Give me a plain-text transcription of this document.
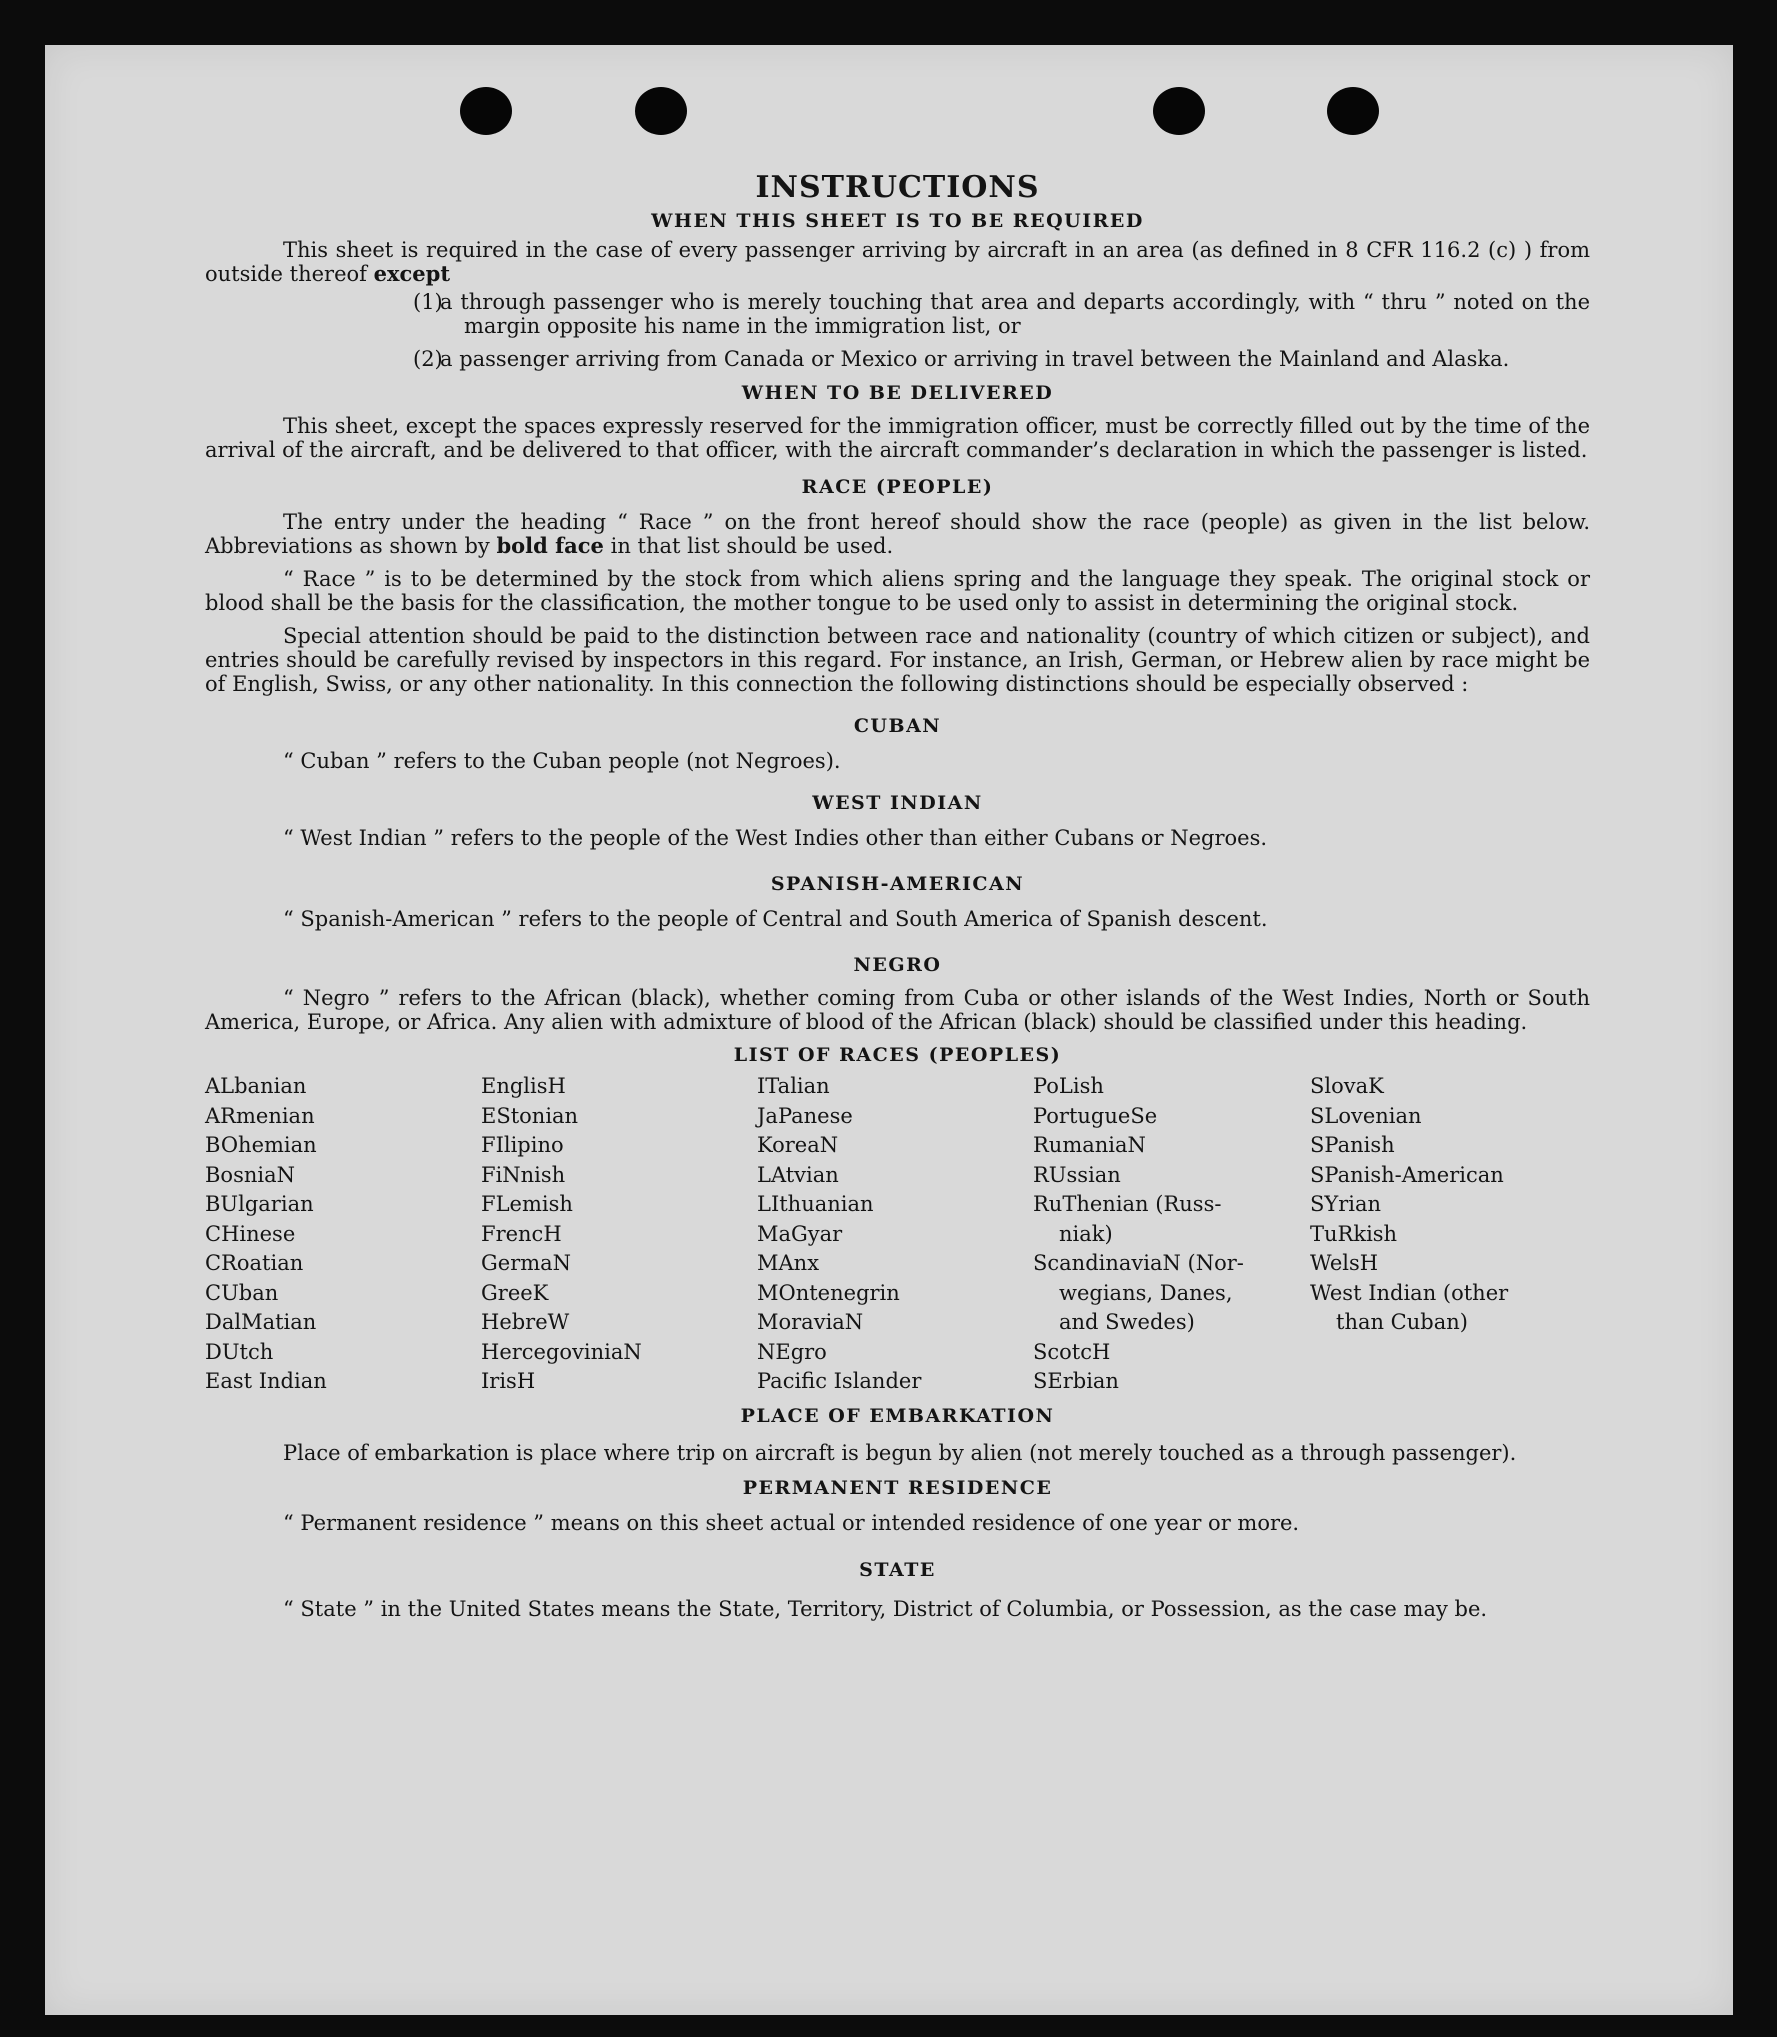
INSTRUCTIONS
WHEN THIS SHEET IS TO BE REQUIRED

This sheet is required in the case of every passenger arriving by aircraft in an area (as defined in 8 CFR 116.2 (c) ) from outside thereof except

(1)
a through passenger who is merely touching that area and departs accordingly, with “ thru ” noted on the margin opposite his name in the immigration list, or
(2)
a passenger arriving from Canada or Mexico or arriving in travel between the Mainland and Alaska.
WHEN TO BE DELIVERED

This sheet, except the spaces expressly reserved for the immigration officer, must be correctly filled out by the time of the arrival of the aircraft, and be delivered to that officer, with the aircraft commander’s declaration in which the passenger is listed.

RACE (PEOPLE)

The entry under the heading “ Race ” on the front hereof should show the race (people) as given in the list below. Abbreviations as shown by bold face in that list should be used.

“ Race ” is to be determined by the stock from which aliens spring and the language they speak. The original stock or blood shall be the basis for the classification, the mother tongue to be used only to assist in determining the original stock.

Special attention should be paid to the distinction between race and nationality (country of which citizen or subject), and entries should be carefully revised by inspectors in this regard. For instance, an Irish, German, or Hebrew alien by race might be of English, Swiss, or any other nationality. In this connection the following distinctions should be especially observed :

CUBAN

“ Cuban ” refers to the Cuban people (not Negroes).

WEST INDIAN

“ West Indian ” refers to the people of the West Indies other than either Cubans or Negroes.

SPANISH-AMERICAN

“ Spanish-American ” refers to the people of Central and South America of Spanish descent.

NEGRO

“ Negro ” refers to the African (black), whether coming from Cuba or other islands of the West Indies, North or South America, Europe, or Africa. Any alien with admixture of blood of the African (black) should be classified under this heading.

LIST OF RACES (PEOPLES)
ALbanian
ARmenian
BOhemian
BosniaN
BUlgarian
CHinese
CRoatian
CUban
DalMatian
DUtch
East Indian
EnglisH
EStonian
FIlipino
FiNnish
FLemish
FrencH
GermaN
GreeK
HebreW
HercegoviniaN
IrisH
ITalian
JaPanese
KoreaN
LAtvian
LIthuanian
MaGyar
MAnx
MOntenegrin
MoraviaN
NEgro
Pacific Islander
PoLish
PortugueSe
RumaniaN
RUssian
RuThenian (Russ-
niak)
ScandinaviaN (Nor-
wegians, Danes,
and Swedes)
ScotcH
SErbian
SlovaK
SLovenian
SPanish
SPanish-American
SYrian
TuRkish
WelsH
West Indian (other
than Cuban)
PLACE OF EMBARKATION

Place of embarkation is place where trip on aircraft is begun by alien (not merely touched as a through passenger).

PERMANENT RESIDENCE

“ Permanent residence ” means on this sheet actual or intended residence of one year or more.

STATE

“ State ” in the United States means the State, Territory, District of Columbia, or Possession, as the case may be.
